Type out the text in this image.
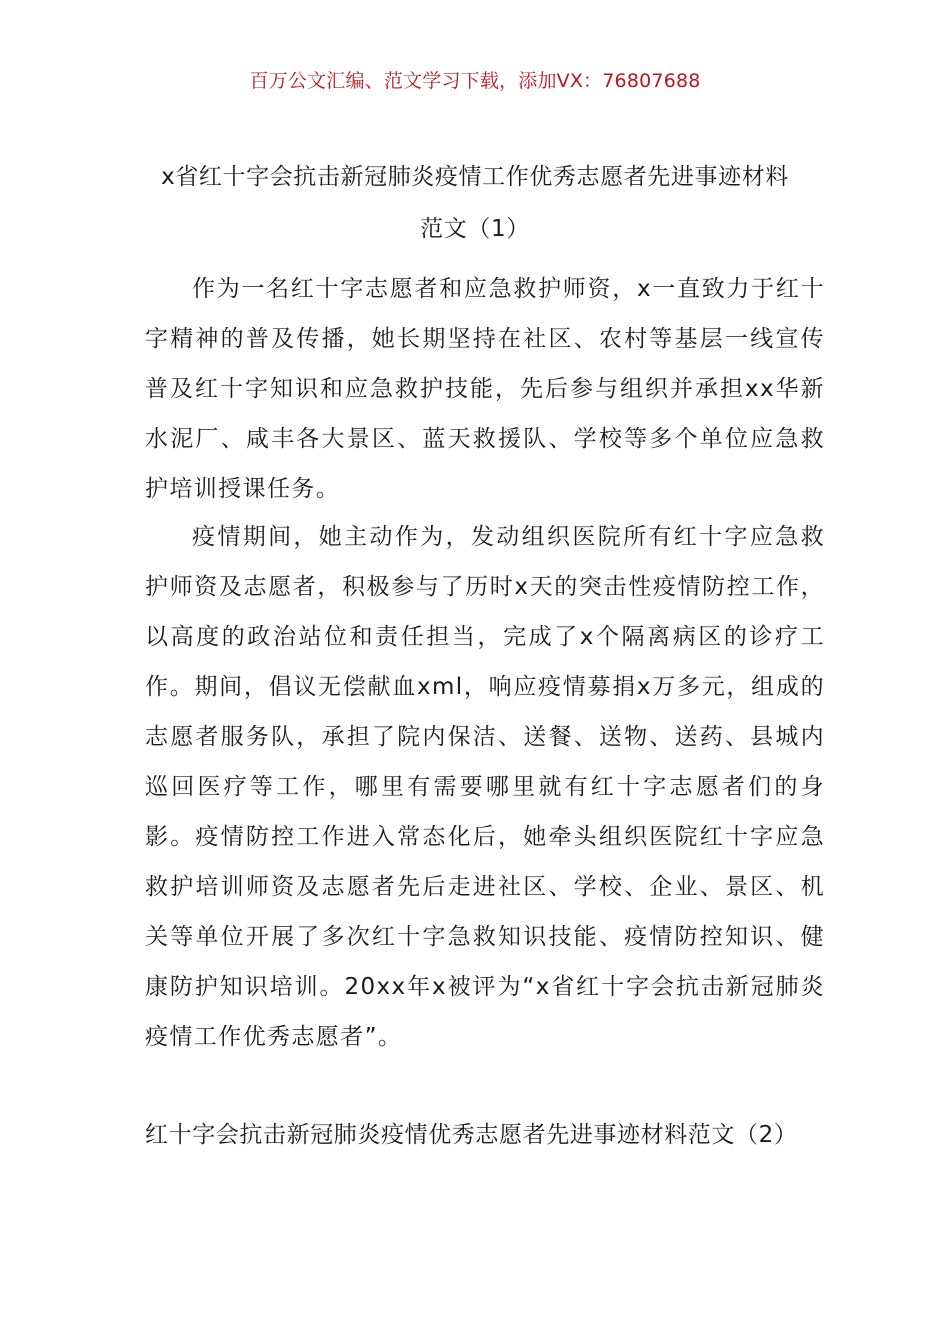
百万公文汇编、范文学习下载，添加VX：76807688
x省红十字会抗击新冠肺炎疫情工作优秀志愿者先进事迹材料
范文（1）

作为一名红十字志愿者和应急救护师资，x一直致力于红十字精神的普及传播，她长期坚持在社区、农村等基层一线宣传普及红十字知识和应急救护技能，先后参与组织并承担xx华新水泥厂、咸丰各大景区、蓝天救援队、学校等多个单位应急救护培训授课任务。

疫情期间，她主动作为，发动组织医院所有红十字应急救护师资及志愿者，积极参与了历时x天的突击性疫情防控工作，以高度的政治站位和责任担当，完成了x个隔离病区的诊疗工作。期间，倡议无偿献血xml，响应疫情募捐x万多元，组成的志愿者服务队，承担了院内保洁、送餐、送物、送药、县城内巡回医疗等工作，哪里有需要哪里就有红十字志愿者们的身影。疫情防控工作进入常态化后，她牵头组织医院红十字应急救护培训师资及志愿者先后走进社区、学校、企业、景区、机关等单位开展了多次红十字急救知识技能、疫情防控知识、健康防护知识培训。20xx年x被评为“x省红十字会抗击新冠肺炎疫情工作优秀志愿者”。

红十字会抗击新冠肺炎疫情优秀志愿者先进事迹材料范文（2）
